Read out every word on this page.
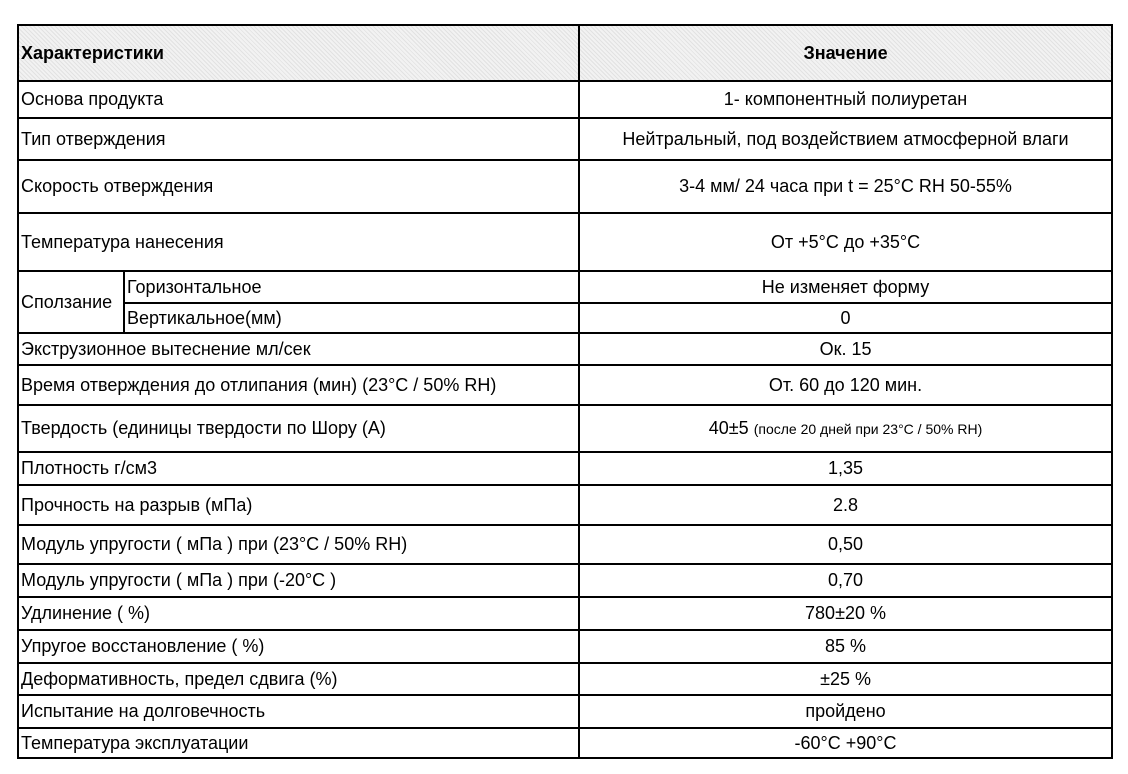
Характеристики		Значение
Основа продукта		1- компонентный полиуретан
Тип отверждения		Нейтральный, под воздействием атмосферной влаги
Скорость отверждения		3-4 мм/ 24 часа при t = 25°C RH 50-55%
Температура нанесения		От +5°С до +35°С
Сползание	Горизонтальное	Не изменяет форму
	Вертикальное(мм)	0
Экструзионное вытеснение мл/сек		Ок. 15
Время отверждения до отлипания (мин) (23°C / 50% RH)		От. 60 до 120 мин.
Твердость (единицы твердости по Шору (A)		40±5 (после 20 дней при 23°C / 50% RH)
Плотность г/см3		1,35
Прочность на разрыв (мПа)		2.8
Модуль упругости ( мПа ) при (23°C / 50% RH)		0,50
Модуль упругости ( мПа ) при (-20°C )		0,70
Удлинение ( %)		780±20 %
Упругое восстановление ( %)		85 %
Деформативность, предел сдвига (%)		±25 %
Испытание на долговечность		пройдено
Температура эксплуатации		-60°C +90°C
